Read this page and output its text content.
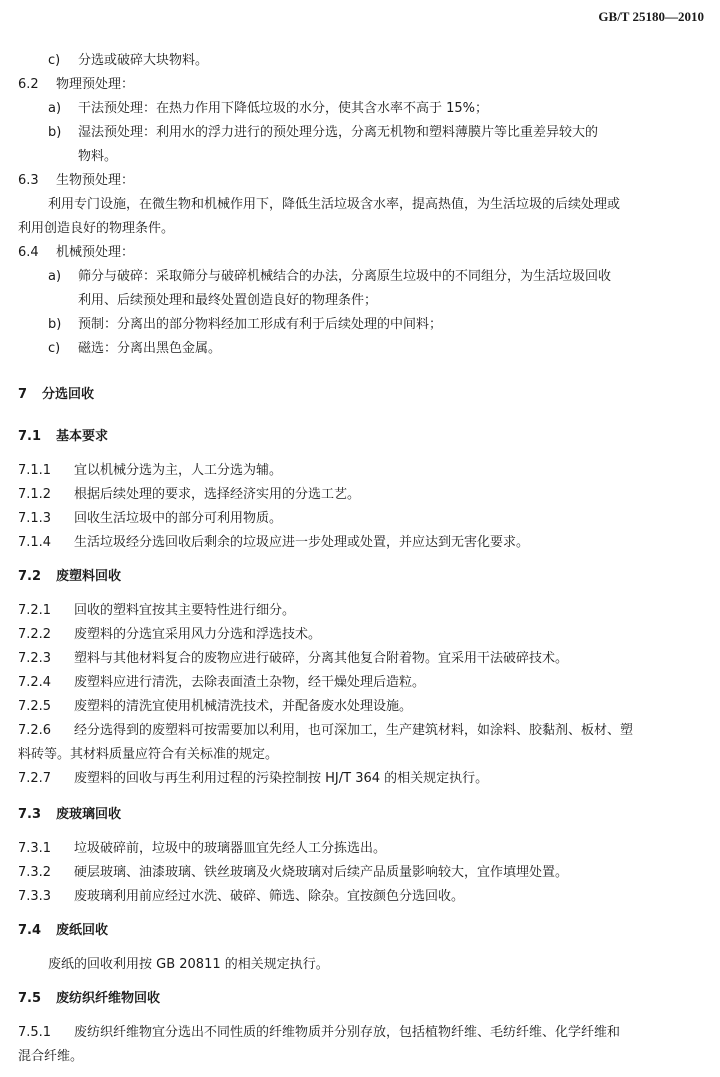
GB/T 25180—2010
c) 分选或破碎大块物料。
6.2 物理预处理：
a) 干法预处理：在热力作用下降低垃圾的水分，使其含水率不高于 15%；
b) 湿法预处理：利用水的浮力进行的预处理分选，分离无机物和塑料薄膜片等比重差异较大的
物料。
6.3 生物预处理：
利用专门设施，在微生物和机械作用下，降低生活垃圾含水率，提高热值，为生活垃圾的后续处理或
利用创造良好的物理条件。
6.4 机械预处理：
a) 筛分与破碎：采取筛分与破碎机械结合的办法，分离原生垃圾中的不同组分，为生活垃圾回收
利用、后续预处理和最终处置创造良好的物理条件；
b) 预制：分离出的部分物料经加工形成有利于后续处理的中间料；
c) 磁选：分离出黑色金属。
7 分选回收
7.1 基本要求
7.1.1 宜以机械分选为主，人工分选为辅。
7.1.2 根据后续处理的要求，选择经济实用的分选工艺。
7.1.3 回收生活垃圾中的部分可利用物质。
7.1.4 生活垃圾经分选回收后剩余的垃圾应进一步处理或处置，并应达到无害化要求。
7.2 废塑料回收
7.2.1 回收的塑料宜按其主要特性进行细分。
7.2.2 废塑料的分选宜采用风力分选和浮选技术。
7.2.3 塑料与其他材料复合的废物应进行破碎，分离其他复合附着物。宜采用干法破碎技术。
7.2.4 废塑料应进行清洗，去除表面渣土杂物，经干燥处理后造粒。
7.2.5 废塑料的清洗宜使用机械清洗技术，并配备废水处理设施。
7.2.6 经分选得到的废塑料可按需要加以利用，也可深加工，生产建筑材料，如涂料、胶黏剂、板材、塑
料砖等。其材料质量应符合有关标准的规定。
7.2.7 废塑料的回收与再生利用过程的污染控制按 HJ/T 364 的相关规定执行。
7.3 废玻璃回收
7.3.1 垃圾破碎前，垃圾中的玻璃器皿宜先经人工分拣选出。
7.3.2 硬层玻璃、油漆玻璃、铁丝玻璃及火烧玻璃对后续产品质量影响较大，宜作填埋处置。
7.3.3 废玻璃利用前应经过水洗、破碎、筛选、除杂。宜按颜色分选回收。
7.4 废纸回收
废纸的回收利用按 GB 20811 的相关规定执行。
7.5 废纺织纤维物回收
7.5.1 废纺织纤维物宜分选出不同性质的纤维物质并分别存放，包括植物纤维、毛纺纤维、化学纤维和
混合纤维。
